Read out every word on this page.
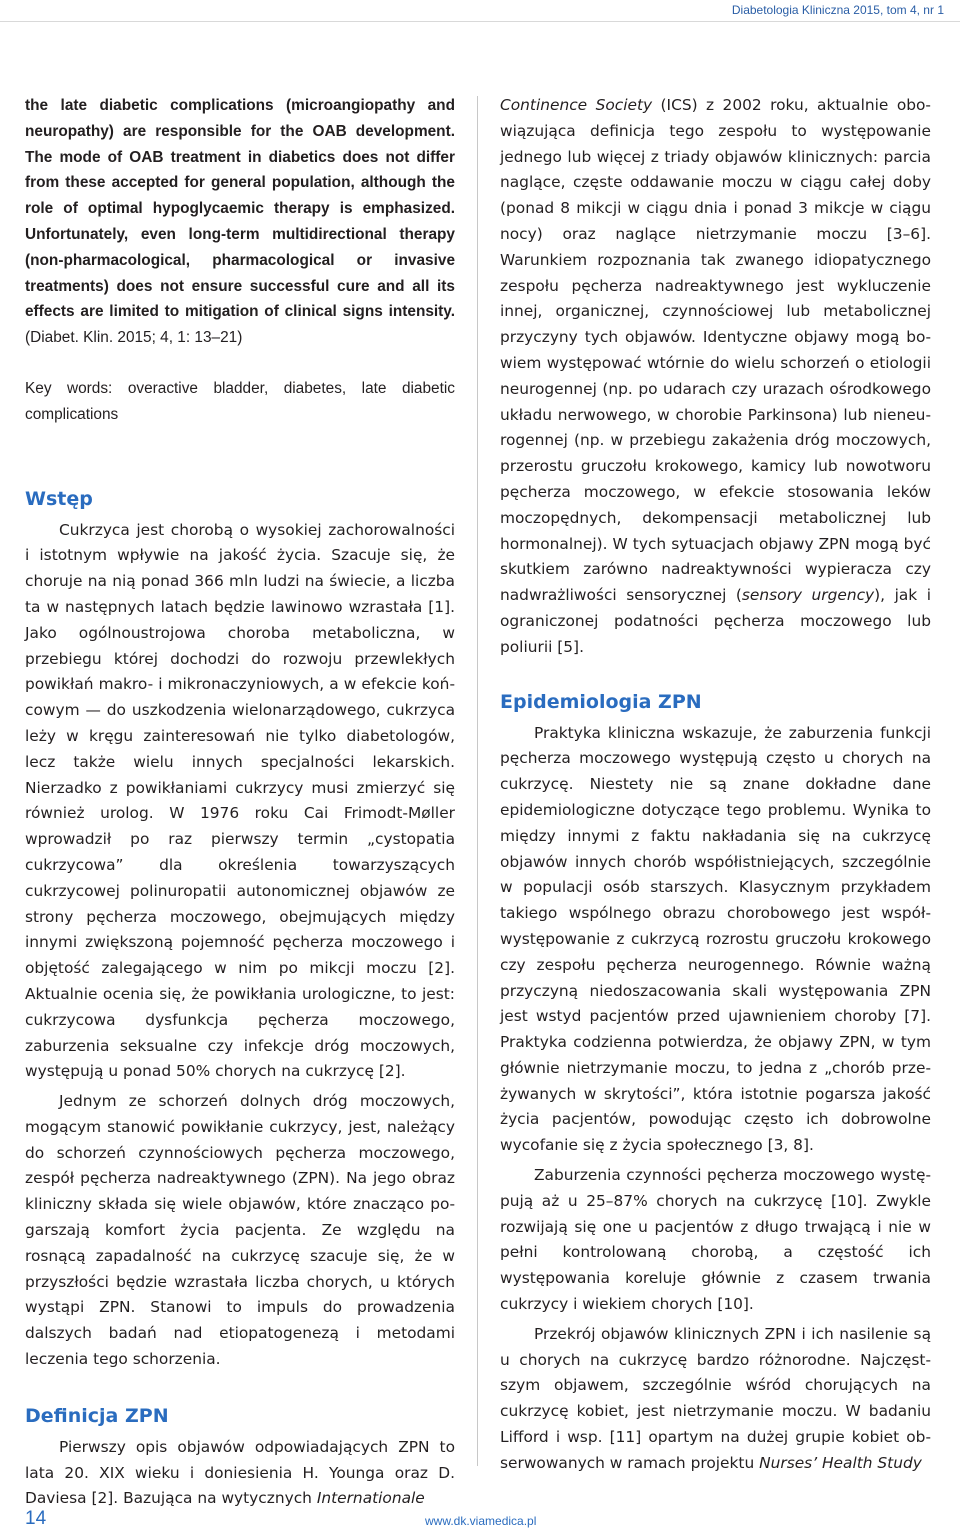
Diabetologia Kliniczna 2015, tom 4, nr 1

the late diabetic complications (microangiopathy and neuropathy) are responsible for the OAB development. The mode of OAB treatment in diabetics does not differ from these accepted for general population, although the role of optimal hypoglycaemic therapy is emphasized. Unfortunately, even long-term multidirectional therapy (non-pharmacological, pharmacological or invasive treatments) does not ensure successful cure and all its effects are limited to mitigation of clinical signs intensity. (Diabet. Klin. 2015; 4, 1: 13–21)

Key words: overactive bladder, diabetes, late diabetic complications

Wstęp

Cukrzyca jest chorobą o wysokiej zachorowalności i istotnym wpływie na jakość życia. Szacuje się, że choruje na nią ponad 366 mln ludzi na świecie, a liczba ta w następnych latach będzie lawinowo wzrastała [1]. Jako ogólnoustrojowa choroba metaboliczna, w przebiegu której dochodzi do rozwoju przewlekłych powikłań makro- i mikronaczyniowych, a w efekcie końcowym — do uszkodzenia wielonarządowego, cukrzyca leży w kręgu zainteresowań nie tylko diabetologów, lecz także wielu innych specjalności lekarskich. Nierzadko z powikłaniami cukrzycy musi zmierzyć się również urolog. W 1976 roku Cai Frimodt-Møller wprowadził po raz pierwszy termin „cystopatia cukrzycowa” dla określenia towarzyszących cukrzycowej polinuropatii autonomicznej objawów ze strony pęcherza moczowego, obejmujących między innymi zwiększoną pojemność pęcherza moczowego i objętość zalegającego w nim po mikcji moczu [2]. Aktualnie ocenia się, że powikłania urologiczne, to jest: cukrzycowa dysfunkcja pęcherza moczowego, zaburzenia seksualne czy infekcje dróg moczowych, występują u ponad 50% chorych na cukrzycę [2].

Jednym ze schorzeń dolnych dróg moczowych, mogącym stanowić powikłanie cukrzycy, jest, należący do schorzeń czynnościowych pęcherza moczowego, zespół pęcherza nadreaktywnego (ZPN). Na jego obraz kliniczny składa się wiele objawów, które znacząco pogarszają komfort życia pacjenta. Ze względu na rosnącą zapadalność na cukrzycę szacuje się, że w przyszłości będzie wzrastała liczba chorych, u których wystąpi ZPN. Stanowi to impuls do prowadzenia dalszych badań nad etiopatogenezą i metodami leczenia tego schorzenia.

Definicja ZPN

Pierwszy opis objawów odpowiadających ZPN to lata 20. XIX wieku i doniesienia H. Younga oraz D. Daviesa [2]. Bazująca na wytycznych Internationale

Continence Society (ICS) z 2002 roku, aktualnie obowiązująca definicja tego zespołu to występowanie jednego lub więcej z triady objawów klinicznych: parcia naglące, częste oddawanie moczu w ciągu całej doby (ponad 8 mikcji w ciągu dnia i ponad 3 mikcje w ciągu nocy) oraz naglące nietrzymanie moczu [3–6]. Warunkiem rozpoznania tak zwanego idiopatycznego zespołu pęcherza nadreaktywnego jest wykluczenie innej, organicznej, czynnościowej lub metabolicznej przyczyny tych objawów. Identyczne objawy mogą bowiem występować wtórnie do wielu schorzeń o etiologii neurogennej (np. po udarach czy urazach ośrodkowego układu nerwowego, w chorobie Parkinsona) lub nieneurogennej (np. w przebiegu zakażenia dróg moczowych, przerostu gruczołu krokowego, kamicy lub nowotworu pęcherza moczowego, w efekcie stosowania leków moczopędnych, dekompensacji metabolicznej lub hormonalnej). W tych sytuacjach objawy ZPN mogą być skutkiem zarówno nadreaktywności wypieracza czy nadwrażliwości sensorycznej (sensory urgency), jak i ograniczonej podatności pęcherza moczowego lub poliurii [5].

Epidemiologia ZPN

Praktyka kliniczna wskazuje, że zaburzenia funkcji pęcherza moczowego występują często u chorych na cukrzycę. Niestety nie są znane dokładne dane epidemiologiczne dotyczące tego problemu. Wynika to między innymi z faktu nakładania się na cukrzycę objawów innych chorób współistniejących, szczególnie w populacji osób starszych. Klasycznym przykładem takiego wspólnego obrazu chorobowego jest współwystępowanie z cukrzycą rozrostu gruczołu krokowego czy zespołu pęcherza neurogennego. Równie ważną przyczyną niedoszacowania skali występowania ZPN jest wstyd pacjentów przed ujawnieniem choroby [7]. Praktyka codzienna potwierdza, że objawy ZPN, w tym głównie nietrzymanie moczu, to jedna z „chorób przeżywanych w skrytości”, która istotnie pogarsza jakość życia pacjentów, powodując często ich dobrowolne wycofanie się z życia społecznego [3, 8].

Zaburzenia czynności pęcherza moczowego występują aż u 25–87% chorych na cukrzycę [10]. Zwykle rozwijają się one u pacjentów z długo trwającą i nie w pełni kontrolowaną chorobą, a częstość ich występowania koreluje głównie z czasem trwania cukrzycy i wiekiem chorych [10].

Przekrój objawów klinicznych ZPN i ich nasilenie są u chorych na cukrzycę bardzo różnorodne. Najczęstszym objawem, szczególnie wśród chorujących na cukrzycę kobiet, jest nietrzymanie moczu. W badaniu Lifford i wsp. [11] opartym na dużej grupie kobiet obserwowanych w ramach projektu Nurses’ Health Study

14	www.dk.viamedica.pl
